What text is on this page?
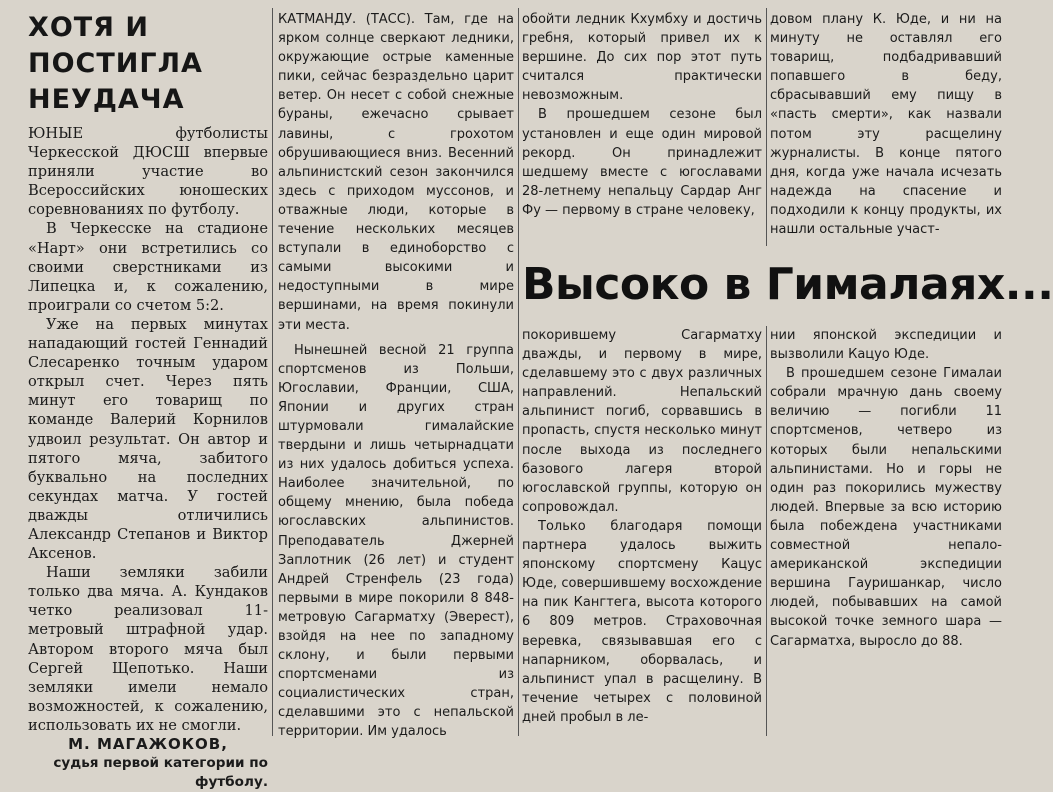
ХОТЯ И ПОСТИГЛА НЕУДАЧА

ЮНЫЕ футболисты Черкесской ДЮСШ впервые приняли участие во Всероссийских юношеских соревнованиях по футболу.

В Черкесске на стадионе «Нарт» они встретились со своими сверстниками из Липецка и, к сожалению, проиграли со счетом 5:2.

Уже на первых минутах нападающий гостей Геннадий Слесаренко точным ударом открыл счет. Через пять минут его товарищ по команде Валерий Корнилов удвоил результат. Он автор и пятого мяча, забитого буквально на последних секундах матча. У гостей дважды отличились Александр Степанов и Виктор Аксенов.

Наши земляки забили только два мяча. А. Кундаков четко реализовал 11-метровый штрафной удар. Автором второго мяча был Сергей Щепотько. Наши земляки имели немало возможностей, к сожалению, использовать их не смогли.

М. МАГАЖОКОВ,
судья первой категории по футболу.

КАТМАНДУ. (ТАСС). Там, где на ярком солнце сверкают ледники, окружающие острые каменные пики, сейчас безраздельно царит ветер. Он несет с собой снежные бураны, ежечасно срывает лавины, с грохотом обрушивающиеся вниз. Весенний альпинистский сезон закончился здесь с приходом муссонов, и отважные люди, которые в течение нескольких месяцев вступали в единоборство с самыми высокими и недоступными в мире вершинами, на время покинули эти места.

Нынешней весной 21 группа спортсменов из Польши, Югославии, Франции, США, Японии и других стран штурмовали гималайские твердыни и лишь четырнадцати из них удалось добиться успеха. Наиболее значительной, по общему мнению, была победа югославских альпинистов. Преподаватель Джерней Заплотник (26 лет) и студент Андрей Стренфель (23 года) первыми в мире покорили 8 848-метровую Сагарматху (Эверест), взойдя на нее по западному склону, и были первыми спортсменами из социалистических стран, сделавшими это с непальской территории. Им удалось

обойти ледник Кхумбху и достичь гребня, который привел их к вершине. До сих пор этот путь считался практически невозможным.

В прошедшем сезоне был установлен и еще один мировой рекорд. Он принадлежит шедшему вместе с югославами 28-летнему непальцу Сардар Анг Фу — первому в стране человеку,

довом плану К. Юде, и ни на минуту не оставлял его товарищ, подбадривавший попавшего в беду, сбрасывавший ему пищу в «пасть смерти», как назвали потом эту расщелину журналисты. В конце пятого дня, когда уже начала исчезать надежда на спасение и подходили к концу продукты, их нашли остальные участ-

Высоко в Гималаях...

покорившему Сагарматху дважды, и первому в мире, сделавшему это с двух различных направлений. Непальский альпинист погиб, сорвавшись в пропасть, спустя несколько минут после выхода из последнего базового лагеря второй югославской группы, которую он сопровождал.

Только благодаря помощи партнера удалось выжить японскому спортсмену Кацус Юде, совершившему восхождение на пик Кангтега, высота которого 6 809 метров. Страховочная веревка, связывавшая его с напарником, оборвалась, и альпинист упал в расщелину. В течение четырех с половиной дней пробыл в ле-

нии японской экспедиции и вызволили Кацуо Юде.

В прошедшем сезоне Гималаи собрали мрачную дань своему величию — погибли 11 спортсменов, четверо из которых были непальскими альпинистами. Но и горы не один раз покорились мужеству людей. Впервые за всю историю была побеждена участниками совместной непало-американской экспедиции вершина Гауришанкар, число людей, побывавших на самой высокой точке земного шара — Сагарматха, выросло до 88.
